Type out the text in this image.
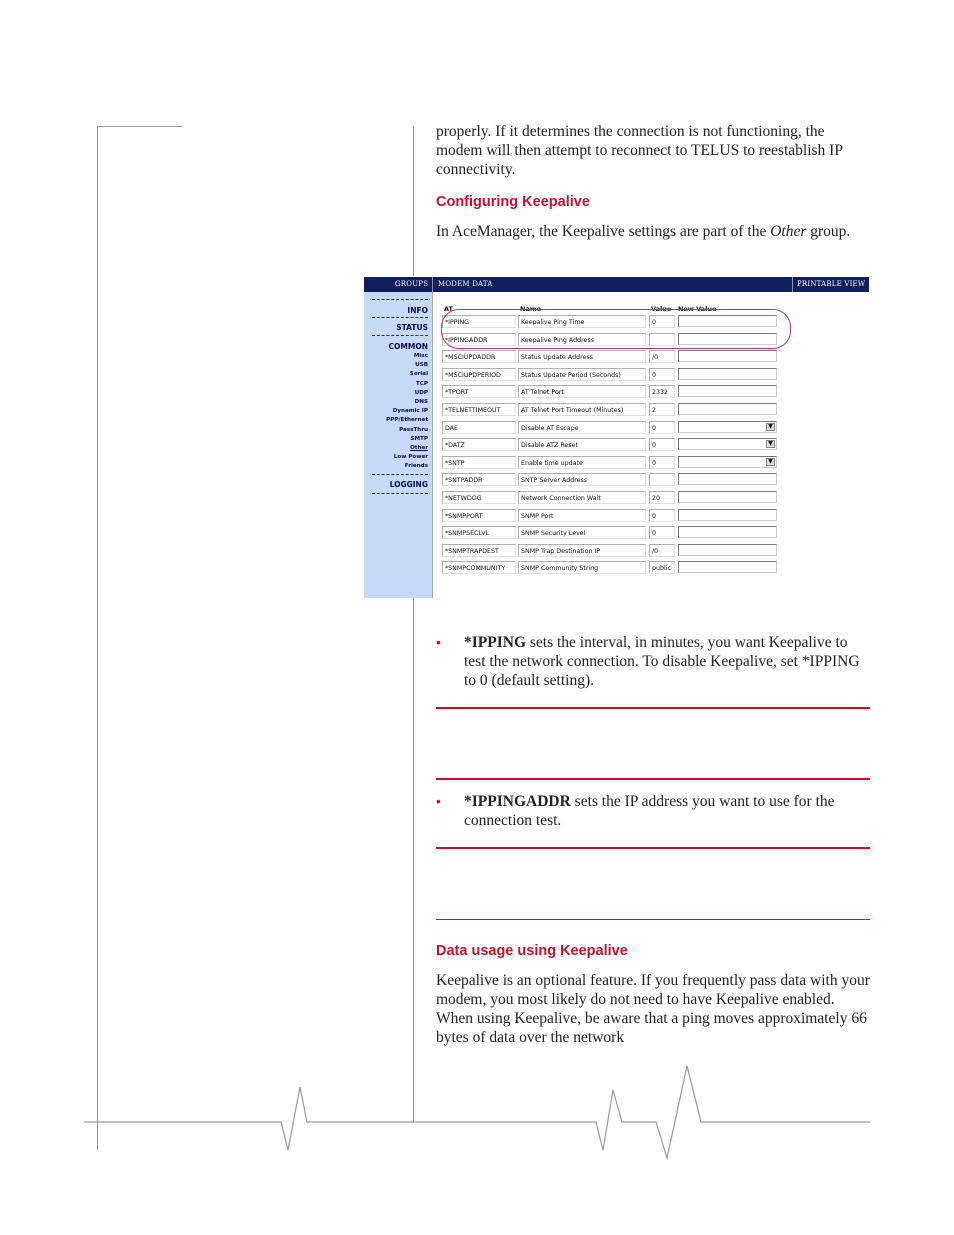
properly. If it determines the connection is not functioning, the modem will then attempt to reconnect to TELUS to reestablish IP connectivity.

Configuring Keepalive

In AceManager, the Keepalive settings are part of the Other group.

GROUPS MODEM DATA	PRINTABLE VIEW
INFO
STATUS
COMMON
Misc
USB
Serial
TCP
UDP
DNS
Dynamic IP
PPP/Ethernet
PassThru
SMTP
Other
Low Power
Friends
LOGGING
AT	Name	Value New Value
*IPPING	Keepalive Ping Time	0
*IPPINGADDR	Keepalive Ping Address
*MSCIUPDADDR	Status Update Address	/0
*MSCIUPDPERIOD	Status Update Period (Seconds)	0
*TPORT	AT Telnet Port	2332
*TELNETTIMEOUT	AT Telnet Port Timeout (Minutes)	2
DAE	Disable AT Escape	0	▼
*DATZ	Disable ATZ Reset	0	▼
*SNTP	Enable time update	0	▼
*SNTPADDR	SNTP Server Address
*NETWDOG	Network Connection Wait	20
*SNMPPORT	SNMP Port	0
*SNMPSECLVL	SNMP Security Level	0
*SNMPTRAPDEST	SNMP Trap Destination IP	/0
*SNMPCOMMUNITY	SNMP Community String	public
• *IPPING sets the interval, in minutes, you want Keepalive to test the network connection. To disable Keepalive, set *IPPING to 0 (default setting).

• *IPPINGADDR sets the IP address you want to use for the connection test.

Data usage using Keepalive

Keepalive is an optional feature. If you frequently pass data with your modem, you most likely do not need to have Keepalive enabled. When using Keepalive, be aware that a ping moves approximately 66 bytes of data over the network
